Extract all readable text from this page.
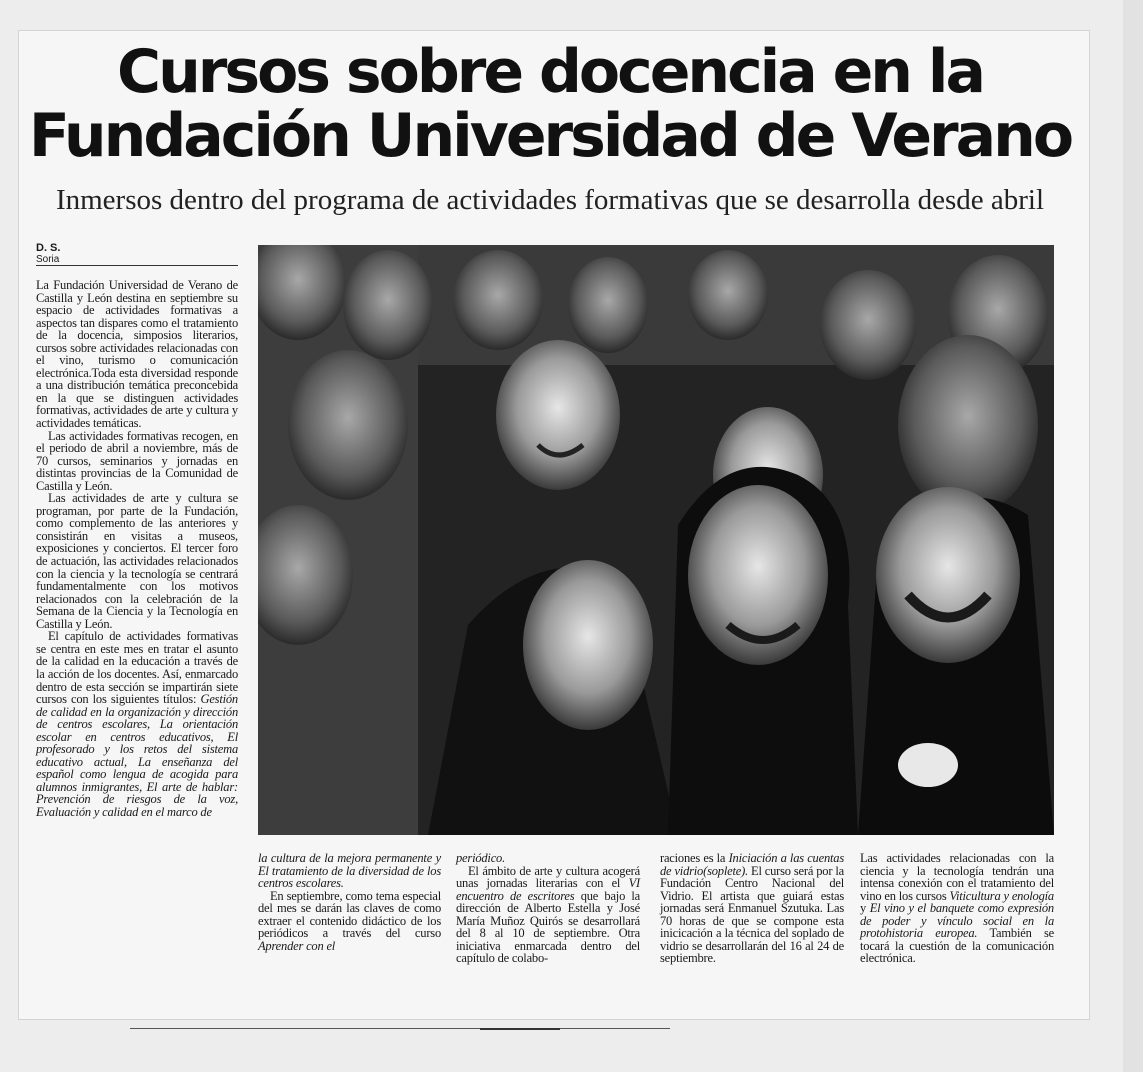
Cursos sobre docencia en la Fundación Universidad de Verano
Inmersos dentro del programa de actividades formativas que se desarrolla desde abril
D. S.
Soria

La Fundación Universidad de Verano de Castilla y León destina en septiembre su espacio de actividades formativas a aspectos tan dispares como el tratamiento de la docencia, simposios literarios, cursos sobre actividades relacionadas con el vino, turismo o comunicación electrónica.Toda esta diversidad responde a una distribución temática preconcebida en la que se distinguen actividades formativas, actividades de arte y cultura y actividades temáticas.

Las actividades formativas recogen, en el periodo de abril a noviembre, más de 70 cursos, seminarios y jornadas en distintas provincias de la Comunidad de Castilla y León.

Las actividades de arte y cultura se programan, por parte de la Fundación, como complemento de las anteriores y consistirán en visitas a museos, exposiciones y conciertos. El tercer foro de actuación, las actividades relacionados con la ciencia y la tecnología se centrará fundamentalmente con los motivos relacionados con la celebración de la Semana de la Ciencia y la Tecnología en Castilla y León.

El capítulo de actividades formativas se centra en este mes en tratar el asunto de la calidad en la educación a través de la acción de los docentes. Así, enmarcado dentro de esta sección se impartirán siete cursos con los siguientes títulos: Gestión de calidad en la organización y dirección de centros escolares, La orientación escolar en centros educativos, El profesorado y los retos del sistema educativo actual, La enseñanza del español como lengua de acogida para alumnos inmigrantes, El arte de hablar: Prevención de riesgos de la voz, Evaluación y calidad en el marco de

la cultura de la mejora permanente y El tratamiento de la diversidad de los centros escolares.

En septiembre, como tema especial del mes se darán las claves de como extraer el contenido didáctico de los periódicos a través del curso Aprender con el

periódico.

El ámbito de arte y cultura acogerá unas jornadas literarias con el VI encuentro de escritores que bajo la dirección de Alberto Estella y José María Muñoz Quirós se desarrollará del 8 al 10 de septiembre. Otra iniciativa enmarcada dentro del capítulo de colabo-

raciones es la Iniciación a las cuentas de vidrio(soplete). El curso será por la Fundación Centro Nacional del Vidrio. El artista que guiará estas jornadas será Enmanuel Szutuka. Las 70 horas de que se compone esta inicicación a la técnica del soplado de vidrio se desarrollarán del 16 al 24 de septiembre.

Las actividades relacionadas con la ciencia y la tecnología tendrán una intensa conexión con el tratamiento del vino en los cursos Viticultura y enología y El vino y el banquete como expresión de poder y vínculo social en la protohistoria europea. También se tocará la cuestión de la comunicación electrónica.
